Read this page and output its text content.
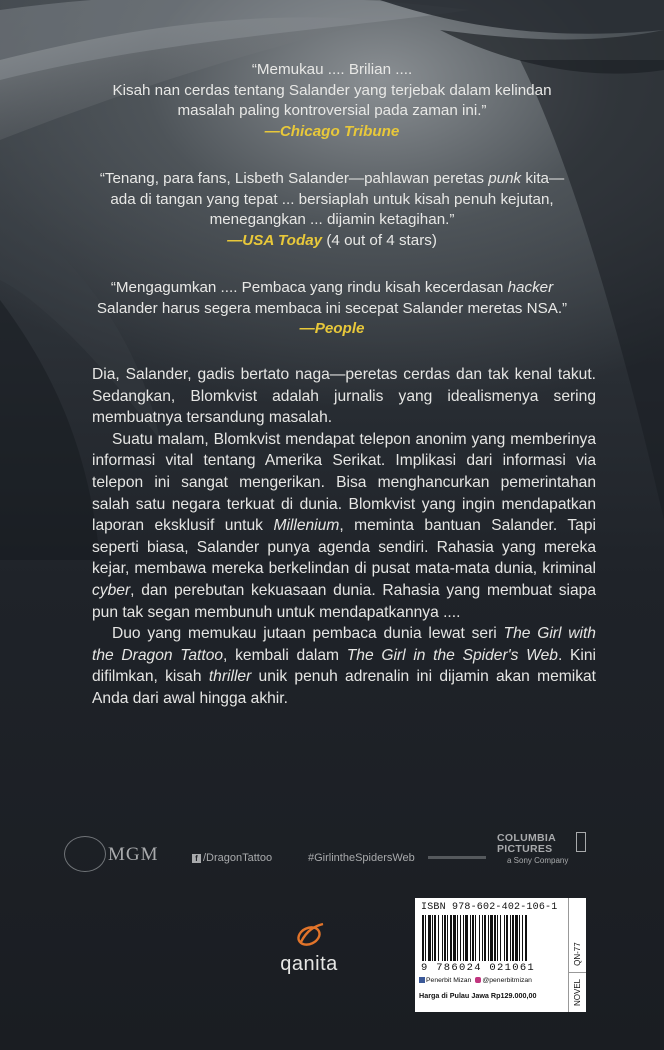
“Memukau .... Brilian ....
Kisah nan cerdas tentang Salander yang terjebak dalam kelindan
masalah paling kontroversial pada zaman ini.”
—Chicago Tribune
“Tenang, para fans, Lisbeth Salander—pahlawan peretas punk kita—
ada di tangan yang tepat ... bersiaplah untuk kisah penuh kejutan,
menegangkan ... dijamin ketagihan.”
—USA Today (4 out of 4 stars)
“Mengagumkan .... Pembaca yang rindu kisah kecerdasan hacker
Salander harus segera membaca ini secepat Salander meretas NSA.”
—People

Dia, Salander, gadis bertato naga—peretas cerdas dan tak kenal takut. Sedangkan, Blomkvist adalah jurnalis yang idealismenya sering membuatnya tersandung masalah.

Suatu malam, Blomkvist mendapat telepon anonim yang memberinya informasi vital tentang Amerika Serikat. Implikasi dari informasi via telepon ini sangat mengerikan. Bisa menghancurkan pemerintahan salah satu negara terkuat di dunia. Blomkvist yang ingin mendapatkan laporan eksklusif untuk Millenium, meminta bantuan Salander. Tapi seperti biasa, Salander punya agenda sendiri. Rahasia yang mereka kejar, membawa mereka berkelindan di pusat mata-mata dunia, kriminal cyber, dan perebutan kekuasaan dunia. Rahasia yang membuat siapa pun tak segan membunuh untuk mendapatkannya ....

Duo yang memukau jutaan pembaca dunia lewat seri The Girl with the Dragon Tattoo, kembali dalam The Girl in the Spider's Web. Kini difilmkan, kisah thriller unik penuh adrenalin ini dijamin akan memikat Anda dari awal hingga akhir.

MGM	f /DragonTattoo	#GirlintheSpidersWeb
COLUMBIA
PICTURES
a Sony Company
qanita
ISBN 978-602-402-106-1
9 786024 021061
Penerbit Mizan @penerbitmizan
Harga di Pulau Jawa Rp129.000,00	NOVEL
QN-77
